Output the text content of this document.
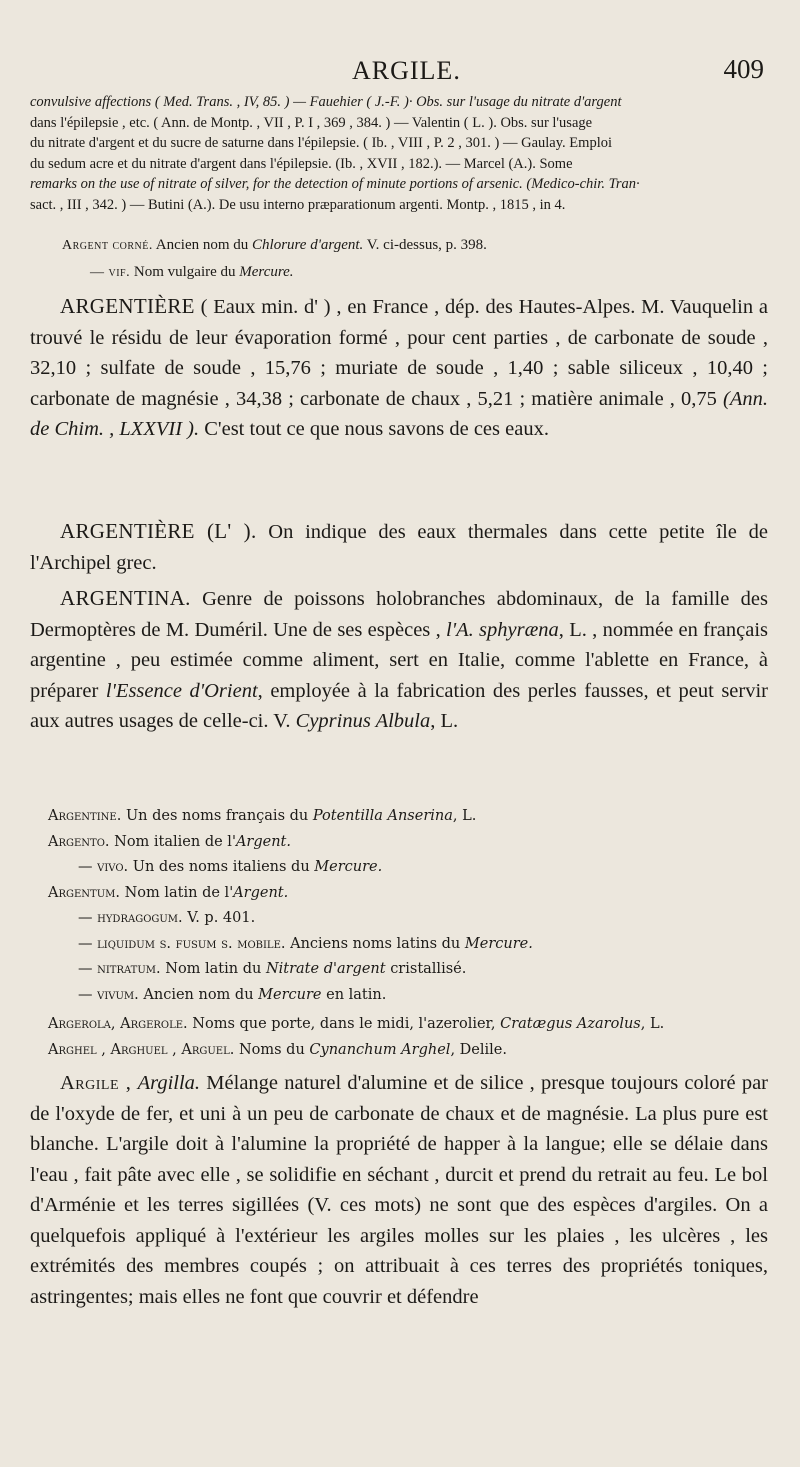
ARGILE.	409

convulsive affections ( Med. Trans. , IV, 85. ) — Fauehier ( J.-F. )· Obs. sur l'usage du nitrate d'argent

dans l'épilepsie , etc. ( Ann. de Montp. , VII , P. I , 369 , 384. ) — Valentin ( L. ). Obs. sur l'usage

du nitrate d'argent et du sucre de saturne dans l'épilepsie. ( Ib. , VIII , P. 2 , 301. ) — Gaulay. Emploi

du sedum acre et du nitrate d'argent dans l'épilepsie. (Ib. , XVII , 182.). — Marcel (A.). Some

remarks on the use of nitrate of silver, for the detection of minute portions of arsenic. (Medico-chir. Tran·

sact. , III , 342. ) — Butini (A.). De usu interno præparationum argenti. Montp. , 1815 , in 4.

Argent corné. Ancien nom du Chlorure d'argent. V. ci-dessus, p. 398.

— vif. Nom vulgaire du Mercure.

ARGENTIÈRE ( Eaux min. d' ) , en France , dép. des Hautes-Alpes. M. Vauquelin a trouvé le résidu de leur évaporation formé , pour cent parties , de carbonate de soude , 32,10 ; sulfate de soude , 15,76 ; muriate de soude , 1,40 ; sable siliceux , 10,40 ; carbonate de magnésie , 34,38 ; carbonate de chaux , 5,21 ; matière animale , 0,75 (Ann. de Chim. , LXXVII ). C'est tout ce que nous savons de ces eaux.

ARGENTIÈRE (L' ). On indique des eaux thermales dans cette petite île de l'Archipel grec.

ARGENTINA. Genre de poissons holobranches abdominaux, de la famille des Dermoptères de M. Duméril. Une de ses espèces , l'A. sphyræna, L. , nommée en français argentine , peu estimée comme aliment, sert en Italie, comme l'ablette en France, à préparer l'Essence d'Orient, employée à la fabrication des perles fausses, et peut servir aux autres usages de celle-ci. V. Cyprinus Albula, L.

Argentine. Un des noms français du Potentilla Anserina, L.
Argento. Nom italien de l'Argent.
— vivo. Un des noms italiens du Mercure.
Argentum. Nom latin de l'Argent.
— hydragogum. V. p. 401.
— liquidum s. fusum s. mobile. Anciens noms latins du Mercure.
— nitratum. Nom latin du Nitrate d'argent cristallisé.
— vivum. Ancien nom du Mercure en latin.
Argerola, Argerole. Noms que porte, dans le midi, l'azerolier, Cratægus Azarolus, L.
Arghel , Arghuel , Arguel. Noms du Cynanchum Arghel, Delile.

Argile , Argilla. Mélange naturel d'alumine et de silice , presque toujours coloré par de l'oxyde de fer, et uni à un peu de carbonate de chaux et de magnésie. La plus pure est blanche. L'argile doit à l'alumine la propriété de happer à la langue; elle se délaie dans l'eau , fait pâte avec elle , se solidifie en séchant , durcit et prend du retrait au feu. Le bol d'Arménie et les terres sigillées (V. ces mots) ne sont que des espèces d'argiles. On a quelquefois appliqué à l'extérieur les argiles molles sur les plaies , les ulcères , les extrémités des membres coupés ; on attribuait à ces terres des propriétés toniques, astringentes; mais elles ne font que couvrir et défendre
